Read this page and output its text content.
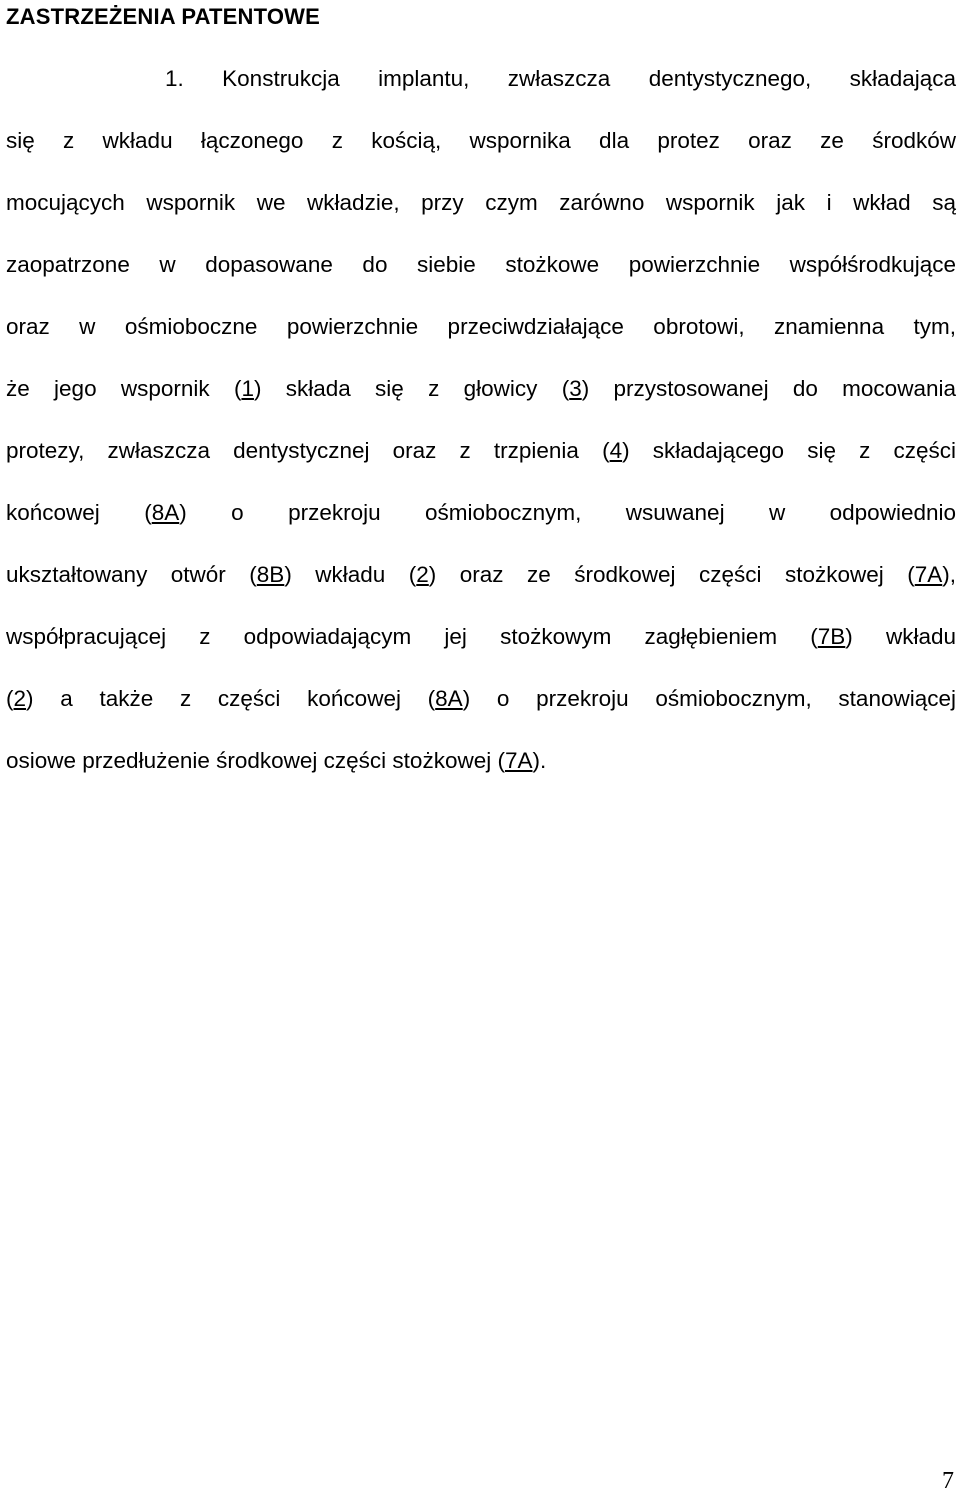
ZASTRZEŻENIA PATENTOWE
1. Konstrukcja implantu, zwłaszcza dentystycznego, składająca
się z wkładu łączonego z kością, wspornika dla protez oraz ze środków
mocujących wspornik we wkładzie, przy czym zarówno wspornik jak i wkład są
zaopatrzone w dopasowane do siebie stożkowe powierzchnie współśrodkujące
oraz w ośmioboczne powierzchnie przeciwdziałające obrotowi, znamienna tym,
że jego wspornik (1) składa się z głowicy (3) przystosowanej do mocowania
protezy, zwłaszcza dentystycznej oraz z trzpienia (4) składającego się z części
końcowej (8A) o przekroju ośmiobocznym, wsuwanej w odpowiednio
ukształtowany otwór (8B) wkładu (2) oraz ze środkowej części stożkowej (7A),
współpracującej z odpowiadającym jej stożkowym zagłębieniem (7B) wkładu
(2) a także z części końcowej (8A) o przekroju ośmiobocznym, stanowiącej
osiowe przedłużenie środkowej części stożkowej (7A).
7
